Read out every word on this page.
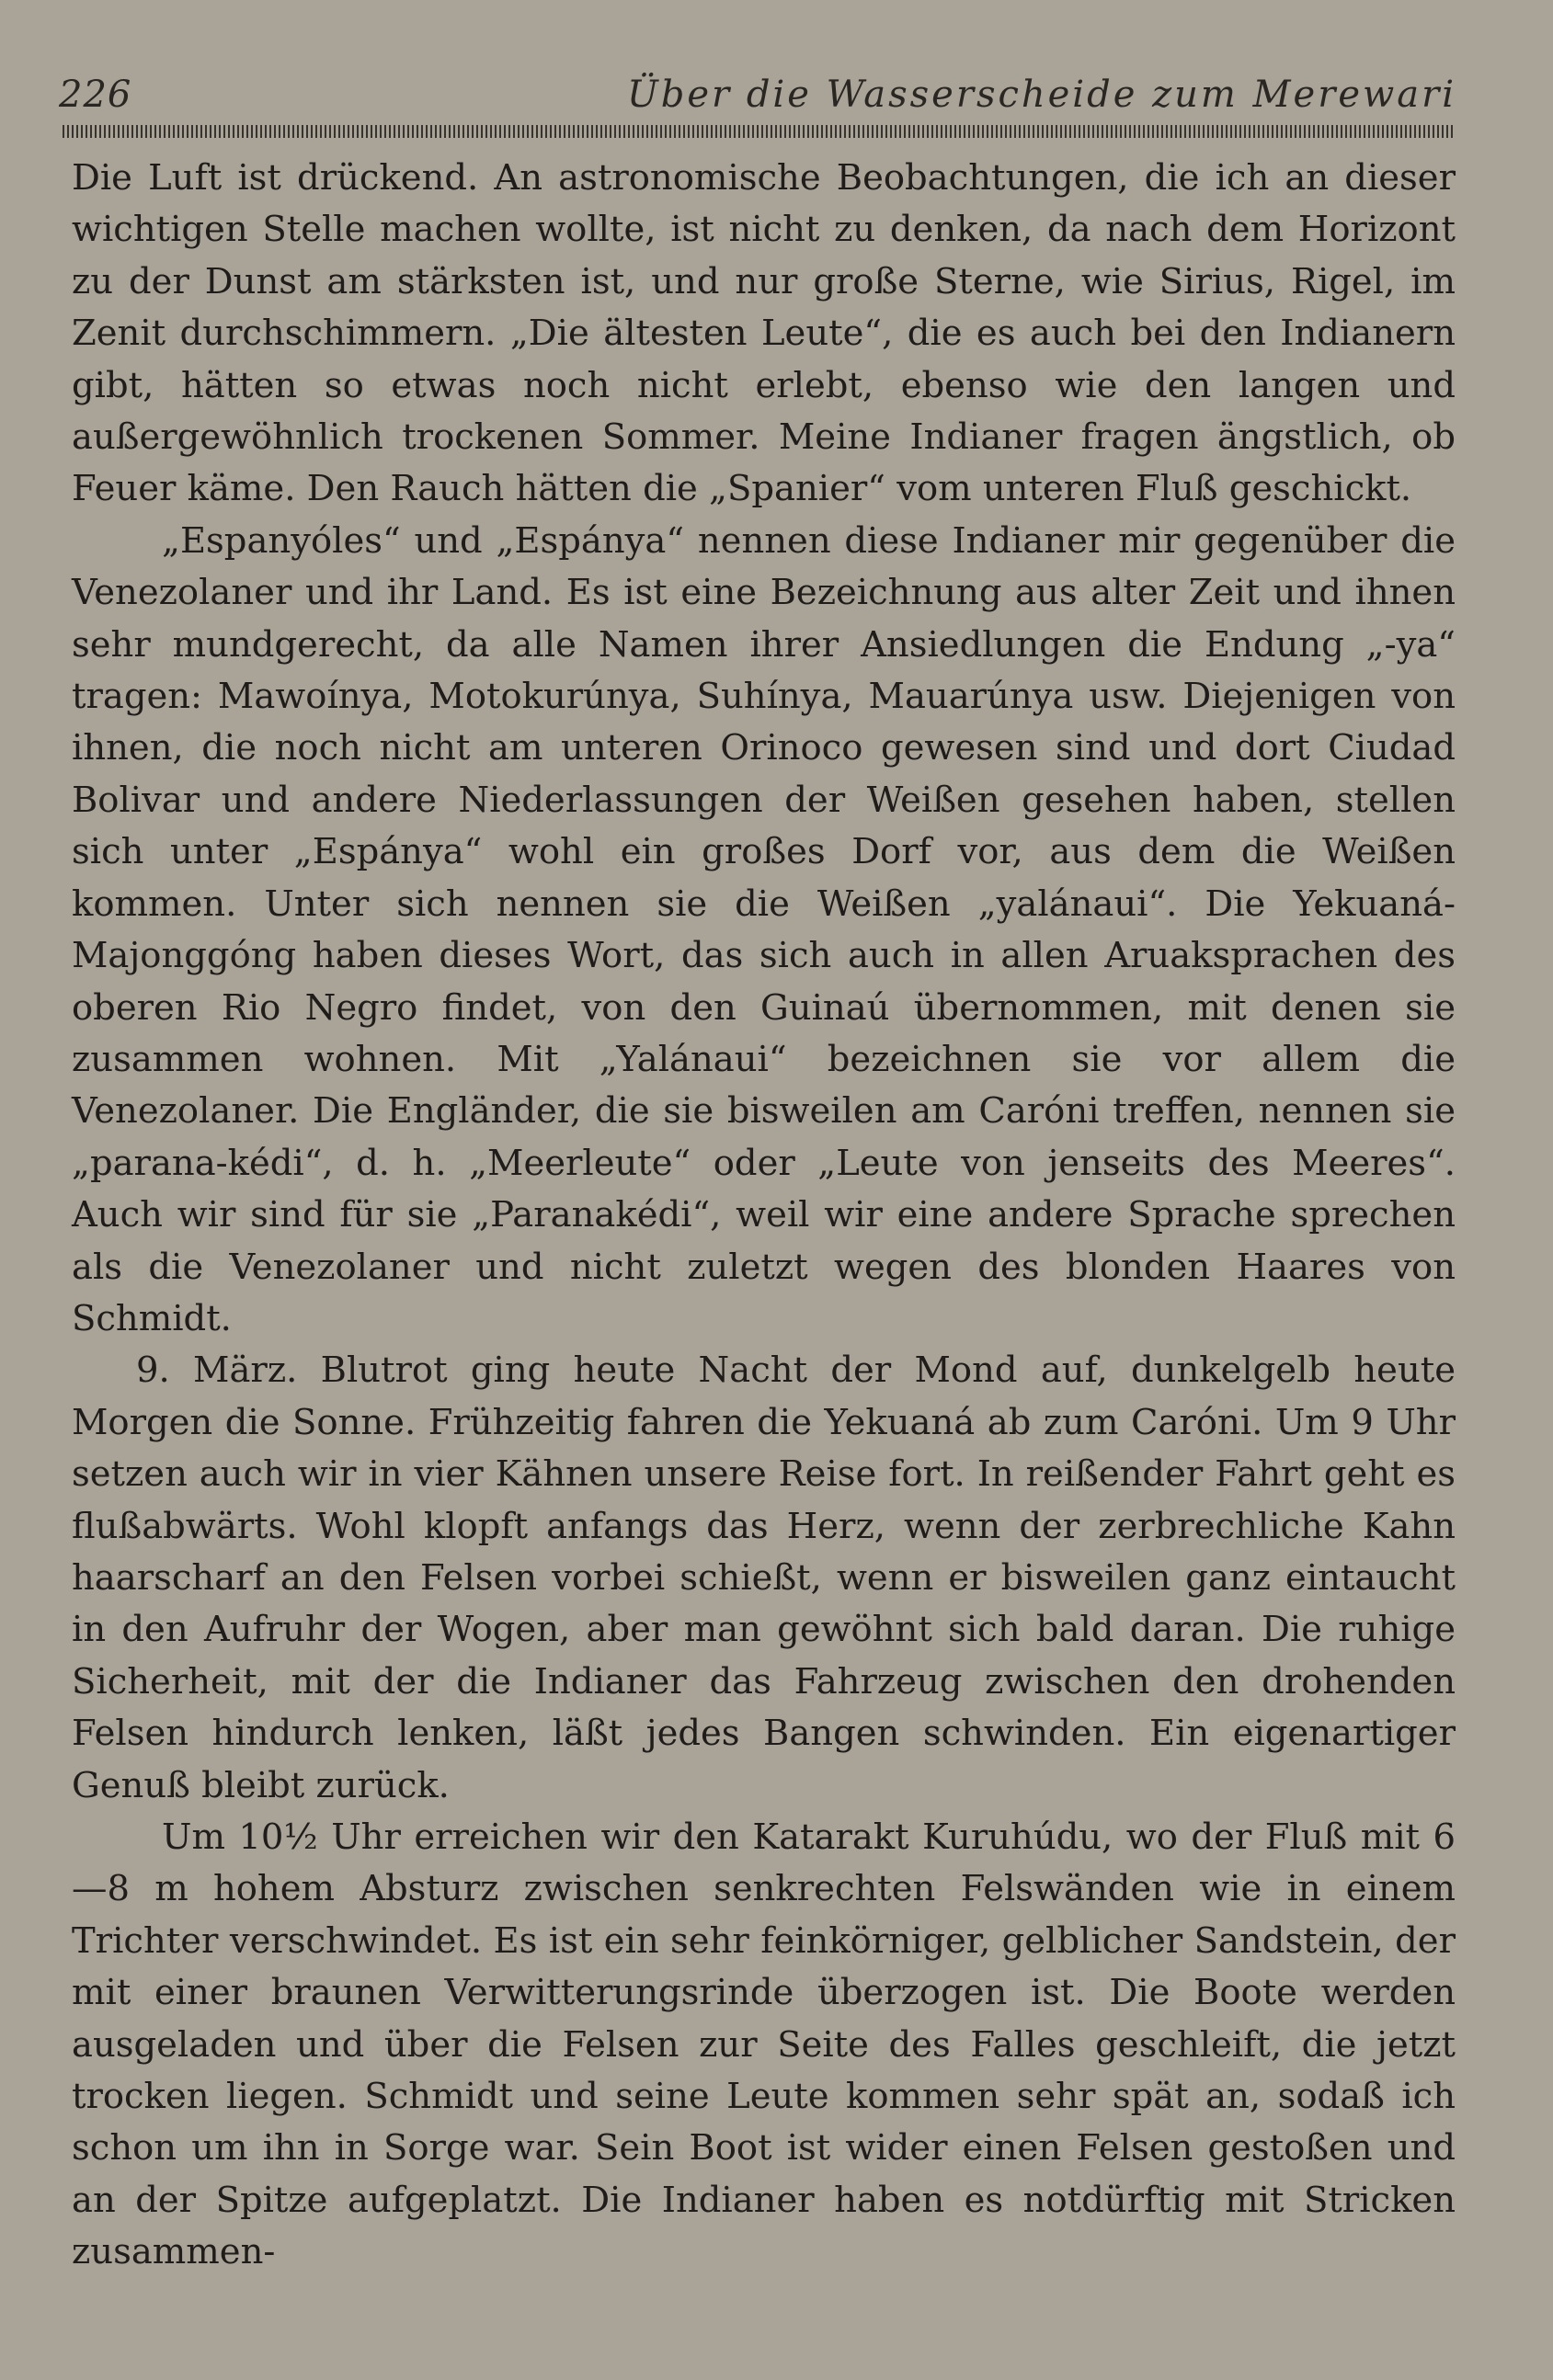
226	Über die Wasserscheide zum Merewari

Die Luft ist drückend. An astronomische Beobachtungen, die ich an dieser wichtigen Stelle machen wollte, ist nicht zu denken, da nach dem Horizont zu der Dunst am stärksten ist, und nur große Sterne, wie Sirius, Rigel, im Zenit durchschimmern. „Die ältesten Leute“, die es auch bei den Indianern gibt, hätten so etwas noch nicht erlebt, ebenso wie den langen und außergewöhnlich trockenen Sommer. Meine Indianer fragen ängstlich, ob Feuer käme. Den Rauch hätten die „Spanier“ vom unteren Fluß geschickt.

„Espanyóles“ und „Espánya“ nennen diese Indianer mir gegenüber die Venezolaner und ihr Land. Es ist eine Bezeichnung aus alter Zeit und ihnen sehr mundgerecht, da alle Namen ihrer Ansiedlungen die Endung „-ya“ tragen: Mawoínya, Motokurúnya, Suhínya, Mauarúnya usw. Diejenigen von ihnen, die noch nicht am unteren Orinoco gewesen sind und dort Ciudad Bolivar und andere Niederlassungen der Weißen gesehen haben, stellen sich unter „Espánya“ wohl ein großes Dorf vor, aus dem die Weißen kommen. Unter sich nennen sie die Weißen „yalánaui“. Die Yekuaná-Majonggóng haben dieses Wort, das sich auch in allen Aruaksprachen des oberen Rio Negro findet, von den Guinaú übernommen, mit denen sie zusammen wohnen. Mit „Yalánaui“ bezeichnen sie vor allem die Venezolaner. Die Engländer, die sie bisweilen am Caróni treffen, nennen sie „parana-kédi“, d. h. „Meerleute“ oder „Leute von jenseits des Meeres“. Auch wir sind für sie „Paranakédi“, weil wir eine andere Sprache sprechen als die Venezolaner und nicht zuletzt wegen des blonden Haares von Schmidt.

9. März. Blutrot ging heute Nacht der Mond auf, dunkelgelb heute Morgen die Sonne. Frühzeitig fahren die Yekuaná ab zum Caróni. Um 9 Uhr setzen auch wir in vier Kähnen unsere Reise fort. In reißender Fahrt geht es flußabwärts. Wohl klopft anfangs das Herz, wenn der zerbrechliche Kahn haarscharf an den Felsen vorbei schießt, wenn er bisweilen ganz eintaucht in den Aufruhr der Wogen, aber man gewöhnt sich bald daran. Die ruhige Sicherheit, mit der die Indianer das Fahrzeug zwischen den drohenden Felsen hindurch lenken, läßt jedes Bangen schwinden. Ein eigenartiger Genuß bleibt zurück.

Um 10½ Uhr erreichen wir den Katarakt Kuruhúdu, wo der Fluß mit 6—8 m hohem Absturz zwischen senkrechten Felswänden wie in einem Trichter verschwindet. Es ist ein sehr feinkörniger, gelblicher Sandstein, der mit einer braunen Verwitterungsrinde überzogen ist. Die Boote werden ausgeladen und über die Felsen zur Seite des Falles geschleift, die jetzt trocken liegen. Schmidt und seine Leute kommen sehr spät an, sodaß ich schon um ihn in Sorge war. Sein Boot ist wider einen Felsen gestoßen und an der Spitze aufgeplatzt. Die Indianer haben es notdürftig mit Stricken zusammen-
